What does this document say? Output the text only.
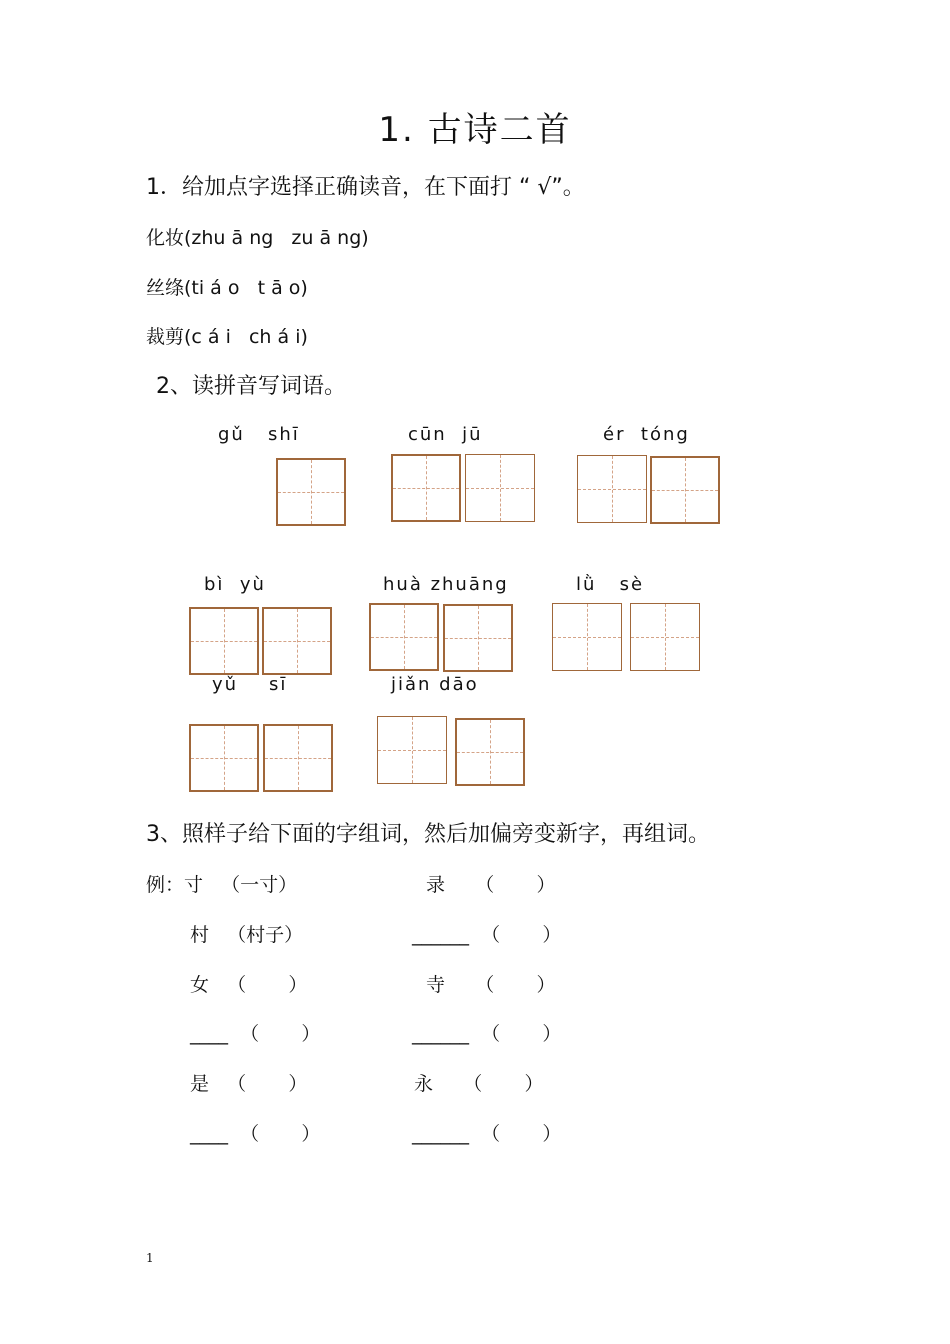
1. 古诗二首
1．给加点字选择正确读音，在下面打 “ √”。
化妆(zhu ā ng   zu ā ng)
丝绦(ti á o   t ā o)
裁剪(c á i   ch á i)
2、读拼音写词语。
gǔ   shī	cūn  jū	ér  tóng
bì  yù	huà zhuāng	lǜ   sè
yǔ    sī	jiǎn dāo
3、照样子给下面的字组词，然后加偏旁变新字，再组词。
例：寸   （一寸）	录     （       ）
村   （村子）	______  （       ）
女   （       ）	寺     （       ）
____  （       ）	______  （       ）
是   （       ）	永     （       ）
____  （       ）	______  （       ）
1
